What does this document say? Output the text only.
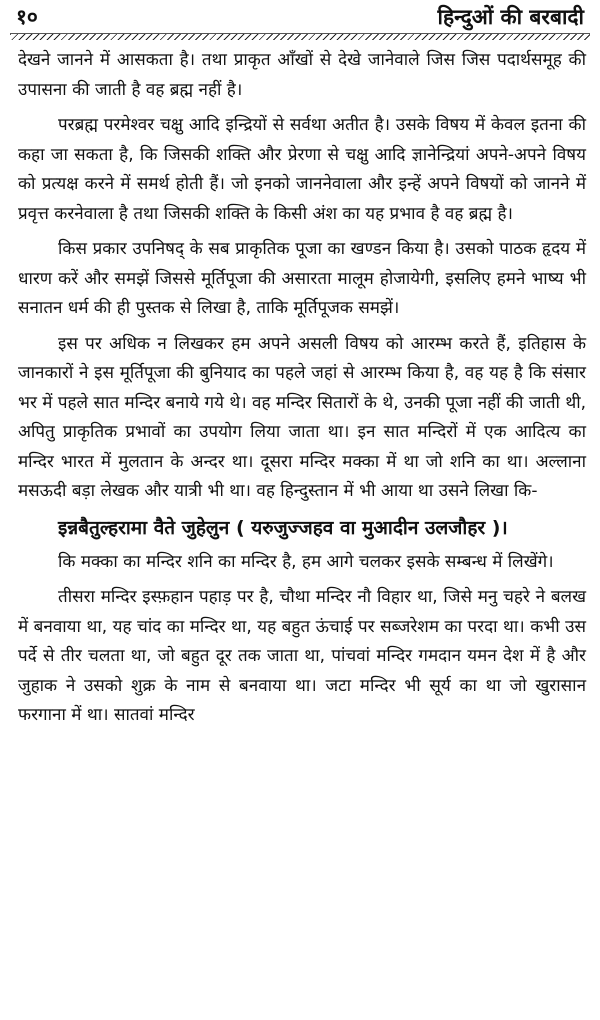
१०	हिन्दुओं की बरबादी

देखने जानने में आसकता है। तथा प्राकृत आँखों से देखे जानेवाले जिस जिस पदार्थसमूह की उपासना की जाती है वह ब्रह्म नहीं है।

परब्रह्म परमेश्वर चक्षु आदि इन्द्रियों से सर्वथा अतीत है। उसके विषय में केवल इतना की कहा जा सकता है, कि जिसकी शक्ति और प्रेरणा से चक्षु आदि ज्ञानेन्द्रियां अपने-अपने विषय को प्रत्यक्ष करने में समर्थ होती हैं। जो इनको जाननेवाला और इन्हें अपने विषयों को जानने में प्रवृत्त करनेवाला है तथा जिसकी शक्ति के किसी अंश का यह प्रभाव है वह ब्रह्म है।

किस प्रकार उपनिषद् के सब प्राकृतिक पूजा का खण्डन किया है। उसको पाठक हृदय में धारण करें और समझें जिससे मूर्तिपूजा की असारता मालूम होजायेगी, इसलिए हमने भाष्य भी सनातन धर्म की ही पुस्तक से लिखा है, ताकि मूर्तिपूजक समझें।

इस पर अधिक न लिखकर हम अपने असली विषय को आरम्भ करते हैं, इतिहास के जानकारों ने इस मूर्तिपूजा की बुनियाद का पहले जहां से आरम्भ किया है, वह यह है कि संसार भर में पहले सात मन्दिर बनाये गये थे। वह मन्दिर सितारों के थे, उनकी पूजा नहीं की जाती थी, अपितु प्राकृतिक प्रभावों का उपयोग लिया जाता था। इन सात मन्दिरों में एक आदित्य का मन्दिर भारत में मुलतान के अन्दर था। दूसरा मन्दिर मक्का में था जो शनि का था। अल्लाना मसऊदी बड़ा लेखक और यात्री भी था। वह हिन्दुस्तान में भी आया था उसने लिखा कि-

इन्नबैतुल्हरामा वैते जुहेलुन ( यरुजुज्जहव वा मुआदीन उलजौहर )।

कि मक्का का मन्दिर शनि का मन्दिर है, हम आगे चलकर इसके सम्बन्ध में लिखेंगे।

तीसरा मन्दिर इस्फ़हान पहाड़ पर है, चौथा मन्दिर नौ विहार था, जिसे मनु चहरे ने बलख में बनवाया था, यह चांद का मन्दिर था, यह बहुत ऊंचाई पर सब्जरेशम का परदा था। कभी उस पर्दे से तीर चलता था, जो बहुत दूर तक जाता था, पांचवां मन्दिर गमदान यमन देश में है और जुहाक ने उसको शुक्र के नाम से बनवाया था। जटा मन्दिर भी सूर्य का था जो खुरासान फरगाना में था। सातवां मन्दिर
